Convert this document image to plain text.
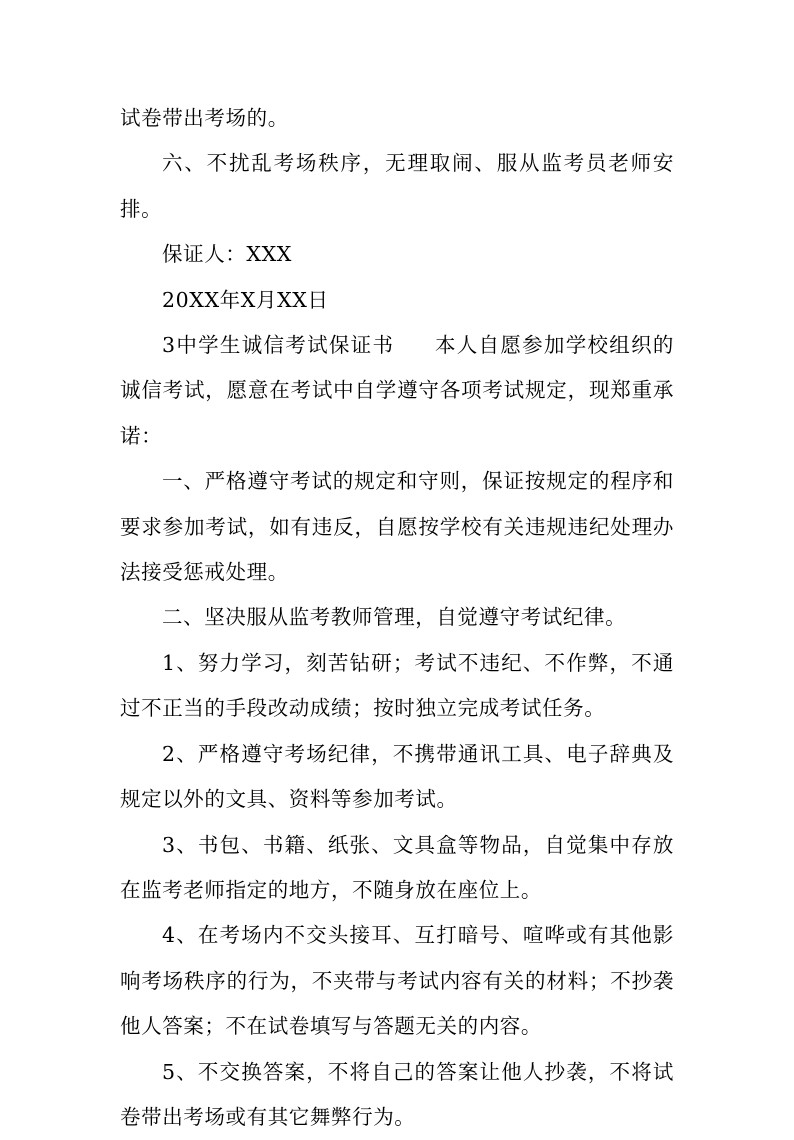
试卷带出考场的。

六、不扰乱考场秩序，无理取闹、服从监考员老师安排。

保证人：XXX

20XX年X月XX日

3中学生诚信考试保证书 本人自愿参加学校组织的诚信考试，愿意在考试中自学遵守各项考试规定，现郑重承诺：

一、严格遵守考试的规定和守则，保证按规定的程序和要求参加考试，如有违反，自愿按学校有关违规违纪处理办法接受惩戒处理。

二、坚决服从监考教师管理，自觉遵守考试纪律。

1、努力学习，刻苦钻研；考试不违纪、不作弊，不通过不正当的手段改动成绩；按时独立完成考试任务。

2、严格遵守考场纪律，不携带通讯工具、电子辞典及规定以外的文具、资料等参加考试。

3、书包、书籍、纸张、文具盒等物品，自觉集中存放在监考老师指定的地方，不随身放在座位上。

4、在考场内不交头接耳、互打暗号、喧哗或有其他影响考场秩序的行为，不夹带与考试内容有关的材料；不抄袭他人答案；不在试卷填写与答题无关的内容。

5、不交换答案，不将自己的答案让他人抄袭，不将试卷带出考场或有其它舞弊行为。
